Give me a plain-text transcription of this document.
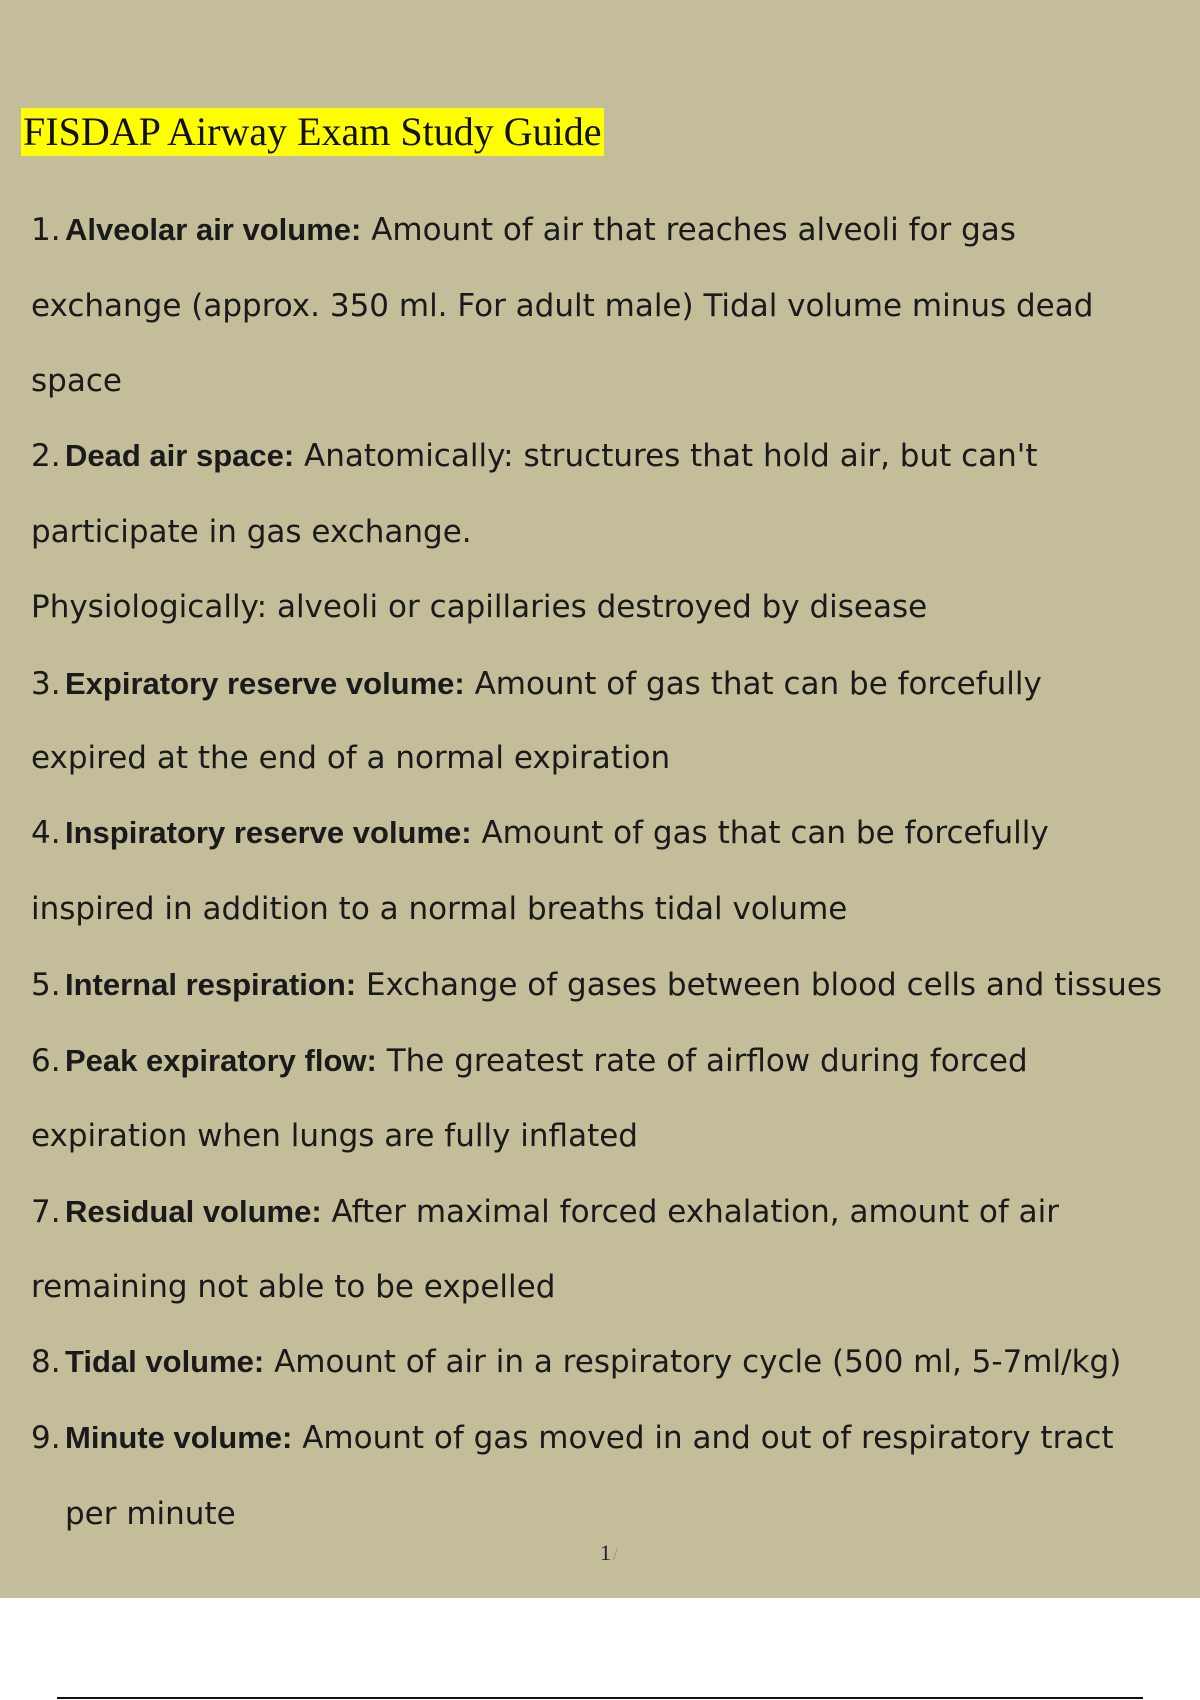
FISDAP Airway Exam Study Guide
1. Alveolar air volume: Amount of air that reaches alveoli for gas
exchange (approx. 350 ml. For adult male) Tidal volume minus dead
space
2. Dead air space: Anatomically: structures that hold air, but can't
participate in gas exchange.
Physiologically: alveoli or capillaries destroyed by disease
3. Expiratory reserve volume: Amount of gas that can be forcefully
expired at the end of a normal expiration
4. Inspiratory reserve volume: Amount of gas that can be forcefully
inspired in addition to a normal breaths tidal volume
5. Internal respiration: Exchange of gases between blood cells and tissues
6. Peak expiratory flow: The greatest rate of airflow during forced
expiration when lungs are fully inflated
7. Residual volume: After maximal forced exhalation, amount of air
remaining not able to be expelled
8. Tidal volume: Amount of air in a respiratory cycle (500 ml, 5-7ml/kg)
9. Minute volume: Amount of gas moved in and out of respiratory tract
per minute
1 /
